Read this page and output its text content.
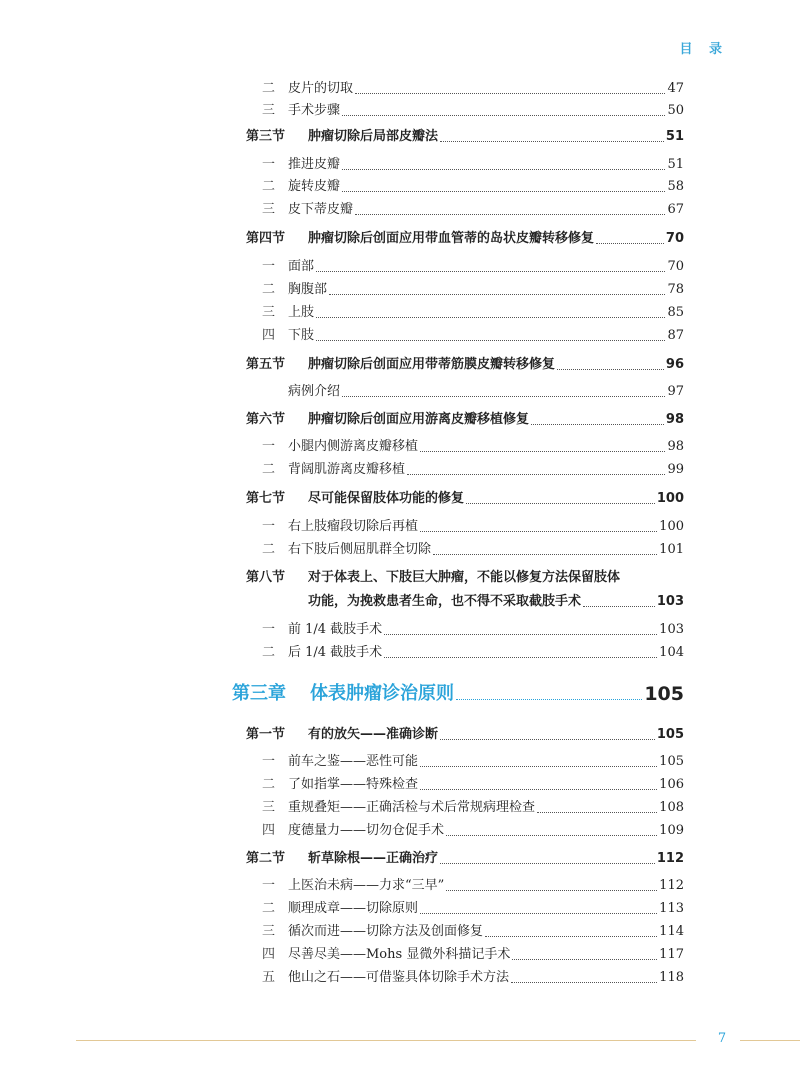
目 录
二 皮片的切取	47
三 手术步骤	50
第三节	肿瘤切除后局部皮瓣法	51
一 推进皮瓣	51
二 旋转皮瓣	58
三 皮下蒂皮瓣	67
第四节	肿瘤切除后创面应用带血管蒂的岛状皮瓣转移修复	70
一 面部	70
二 胸腹部	78
三 上肢	85
四 下肢	87
第五节	肿瘤切除后创面应用带蒂筋膜皮瓣转移修复	96
病例介绍	97
第六节	肿瘤切除后创面应用游离皮瓣移植修复	98
一 小腿内侧游离皮瓣移植	98
二 背阔肌游离皮瓣移植	99
第七节	尽可能保留肢体功能的修复	100
一 右上肢瘤段切除后再植	100
二 右下肢后侧屈肌群全切除	101
第八节	对于体表上、下肢巨大肿瘤，不能以修复方法保留肢体
功能，为挽救患者生命，也不得不采取截肢手术	103
一 前 1/4 截肢手术	103
二 后 1/4 截肢手术	104
第三章	体表肿瘤诊治原则	105
第一节	有的放矢——准确诊断	105
一 前车之鉴——恶性可能	105
二 了如指掌——特殊检查	106
三 重规叠矩——正确活检与术后常规病理检查	108
四 度德量力——切勿仓促手术	109
第二节	斩草除根——正确治疗	112
一 上医治未病——力求“三早”	112
二 顺理成章——切除原则	113
三 循次而进——切除方法及创面修复	114
四 尽善尽美——Mohs 显微外科描记手术	117
五 他山之石——可借鉴具体切除手术方法	118
7
